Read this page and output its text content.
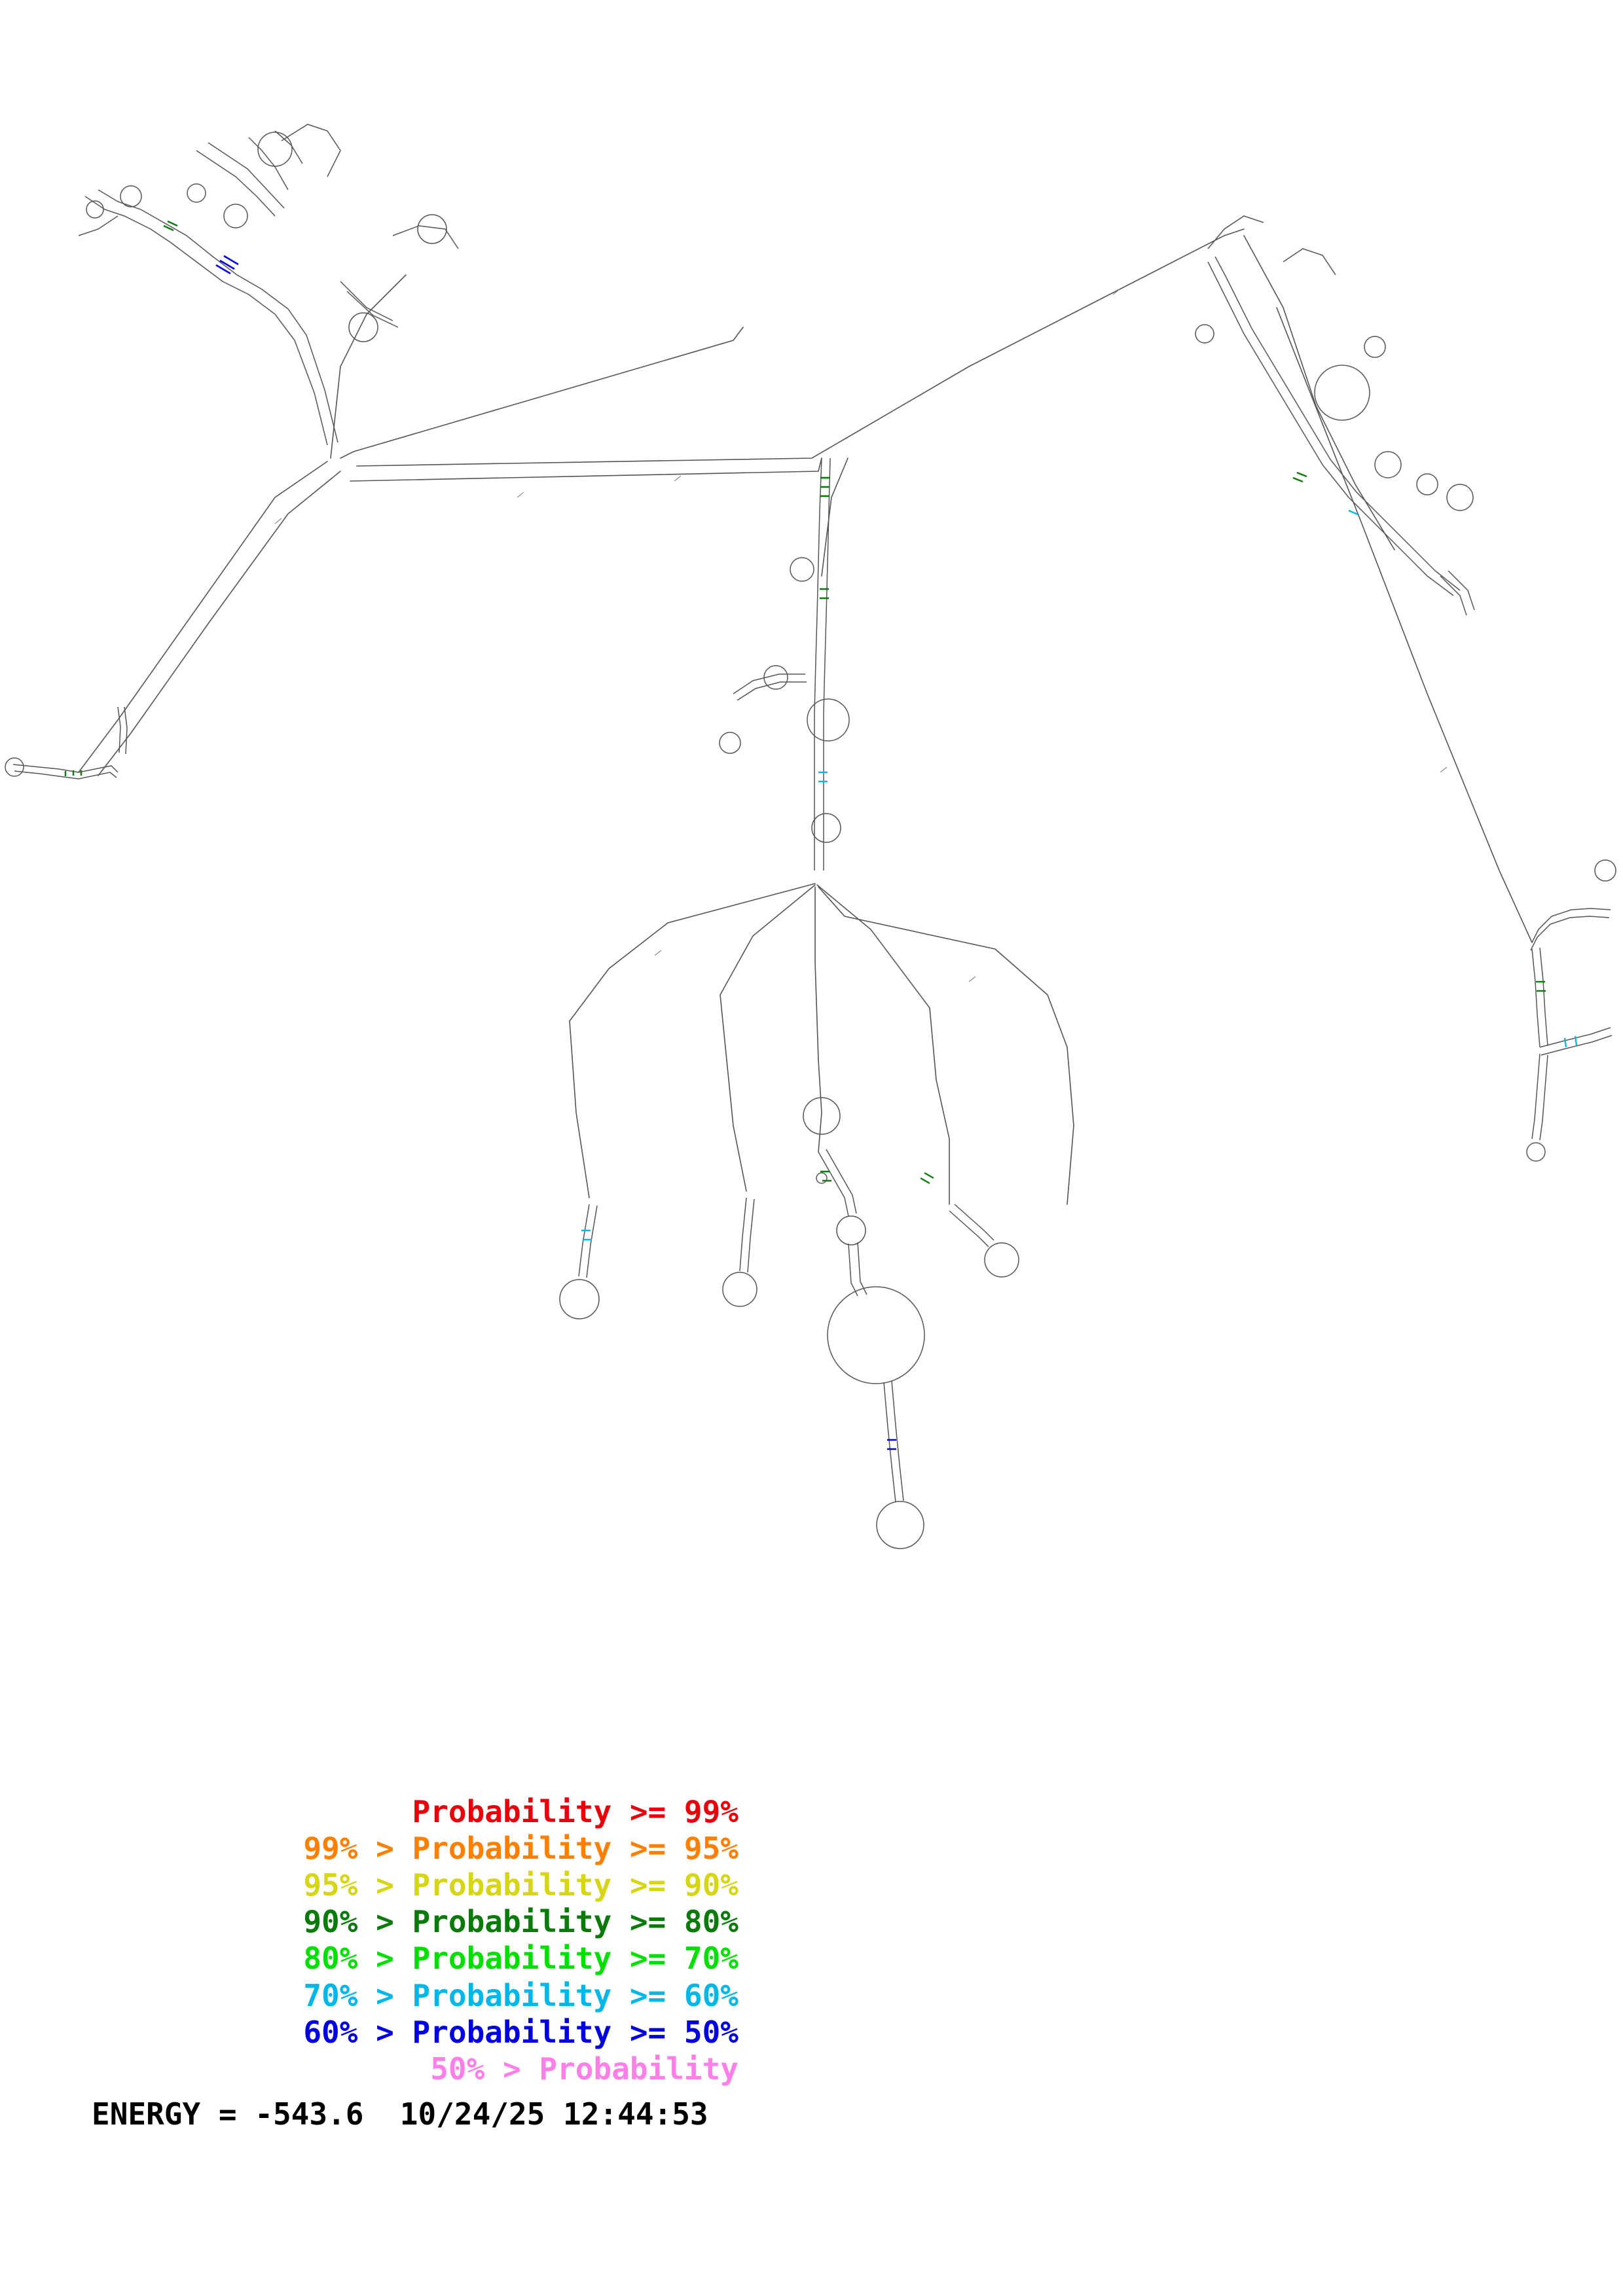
Probability >= 99%
99% > Probability >= 95%
95% > Probability >= 90%
90% > Probability >= 80%
80% > Probability >= 70%
70% > Probability >= 60%
60% > Probability >= 50%
50% > Probability
ENERGY = -543.6  10/24/25 12:44:53
